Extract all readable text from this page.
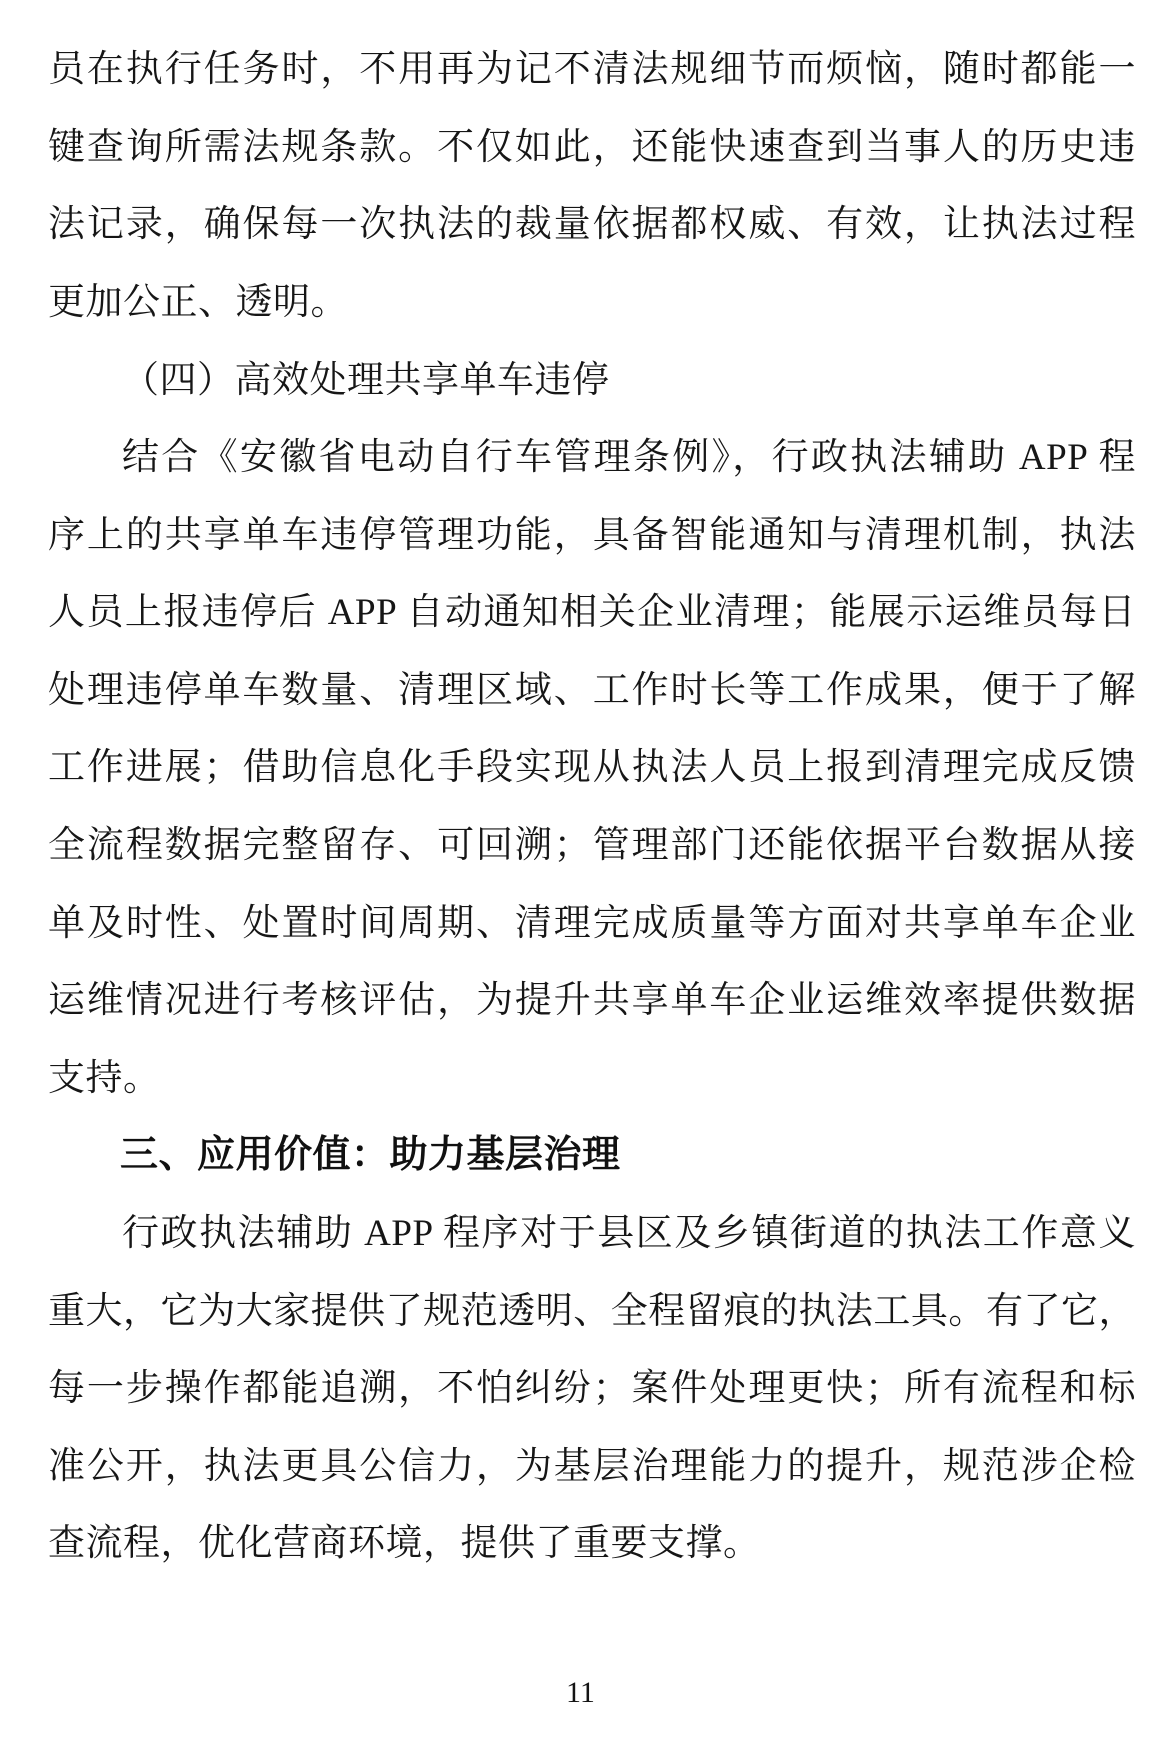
员在执行任务时，不用再为记不清法规细节而烦恼，随时都能一
键查询所需法规条款。不仅如此，还能快速查到当事人的历史违
法记录，确保每一次执法的裁量依据都权威、有效，让执法过程
更加公正、透明。
（四）高效处理共享单车违停
结合《安徽省电动自行车管理条例》，行政执法辅助 APP 程
序上的共享单车违停管理功能，具备智能通知与清理机制，执法
人员上报违停后 APP 自动通知相关企业清理；能展示运维员每日
处理违停单车数量、清理区域、工作时长等工作成果，便于了解
工作进展；借助信息化手段实现从执法人员上报到清理完成反馈
全流程数据完整留存、可回溯；管理部门还能依据平台数据从接
单及时性、处置时间周期、清理完成质量等方面对共享单车企业
运维情况进行考核评估，为提升共享单车企业运维效率提供数据
支持。
三、应用价值：助力基层治理
行政执法辅助 APP 程序对于县区及乡镇街道的执法工作意义
重大，它为大家提供了规范透明、全程留痕的执法工具。有了它，
每一步操作都能追溯，不怕纠纷；案件处理更快；所有流程和标
准公开，执法更具公信力，为基层治理能力的提升，规范涉企检
查流程，优化营商环境，提供了重要支撑。
11
